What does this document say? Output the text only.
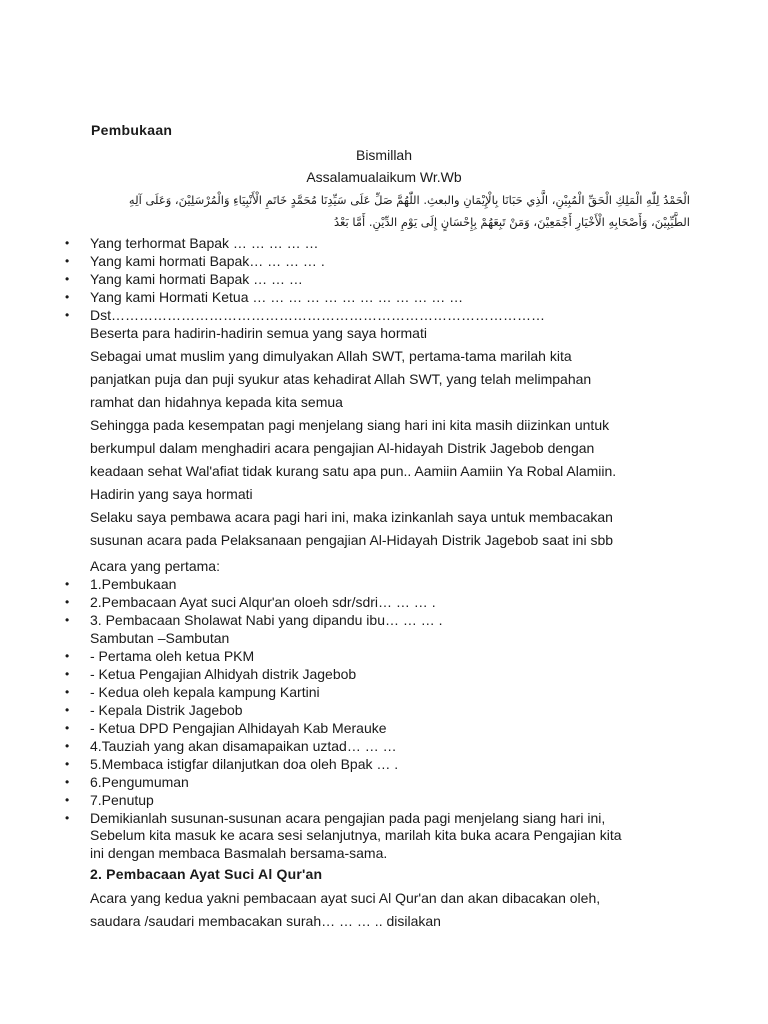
Pembukaan
Bismillah
Assalamualaikum Wr.Wb
الْحَمْدُ لِلّٰهِ الْمَلِكِ الْحَقِّ الْمُبِيْنِ، الَّذِي حَبَانَا بِالْإِيْمَانِ والبعثِ. اللّٰهُمَّ صَلِّ عَلَى سَيِّدِنَا مُحَمَّدٍ خَاتَمِ الْأَنْبِيَاءِ وَالْمُرْسَلِيْنَ، وَعَلَى آلِهِ
الطَّيِّبِيْنَ، وَأَصْحَابِهِ الْأَخْيَارِ أَجْمَعِيْنَ، وَمَنْ تَبِعَهُمْ بِإِحْسَانٍ إِلَى يَوْمِ الدِّيْنِ. أَمَّا بَعْدُ
• Yang terhormat Bapak … … … … …
• Yang kami hormati Bapak… … … … .
• Yang kami hormati Bapak … … …
• Yang kami Hormati Ketua … … … … … … … … … … … …
• Dst…………………………………………………………………………………
Beserta para hadirin-hadirin semua yang saya hormati
Sebagai umat muslim yang dimulyakan Allah SWT, pertama-tama marilah kita
panjatkan puja dan puji syukur atas kehadirat Allah SWT, yang telah melimpahan
ramhat dan hidahnya kepada kita semua
Sehingga pada kesempatan pagi menjelang siang hari ini kita masih diizinkan untuk
berkumpul dalam menghadiri acara pengajian Al-hidayah Distrik Jagebob dengan
keadaan sehat Wal'afiat tidak kurang satu apa pun.. Aamiin Aamiin Ya Robal Alamiin.
Hadirin yang saya hormati
Selaku saya pembawa acara pagi hari ini, maka izinkanlah saya untuk membacakan
susunan acara pada Pelaksanaan pengajian Al-Hidayah Distrik Jagebob saat ini sbb
Acara yang pertama:
• 1.Pembukaan
• 2.Pembacaan Ayat suci Alqur'an oloeh sdr/sdri… … … .
• 3. Pembacaan Sholawat Nabi yang dipandu ibu… … … .
Sambutan –Sambutan
• - Pertama oleh ketua PKM
• - Ketua Pengajian Alhidyah distrik Jagebob
• - Kedua oleh kepala kampung Kartini
• - Kepala Distrik Jagebob
• - Ketua DPD Pengajian Alhidayah Kab Merauke
• 4.Tauziah yang akan disamapaikan uztad… … …
• 5.Membaca istigfar dilanjutkan doa oleh Bpak … .
• 6.Pengumuman
• 7.Penutup
• Demikianlah susunan-susunan acara pengajian pada pagi menjelang siang hari ini,
Sebelum kita masuk ke acara sesi selanjutnya, marilah kita buka acara Pengajian kita
ini dengan membaca Basmalah bersama-sama.
2. Pembacaan Ayat Suci Al Qur'an
Acara yang kedua yakni pembacaan ayat suci Al Qur'an dan akan dibacakan oleh,
saudara /saudari membacakan surah… … … .. disilakan
